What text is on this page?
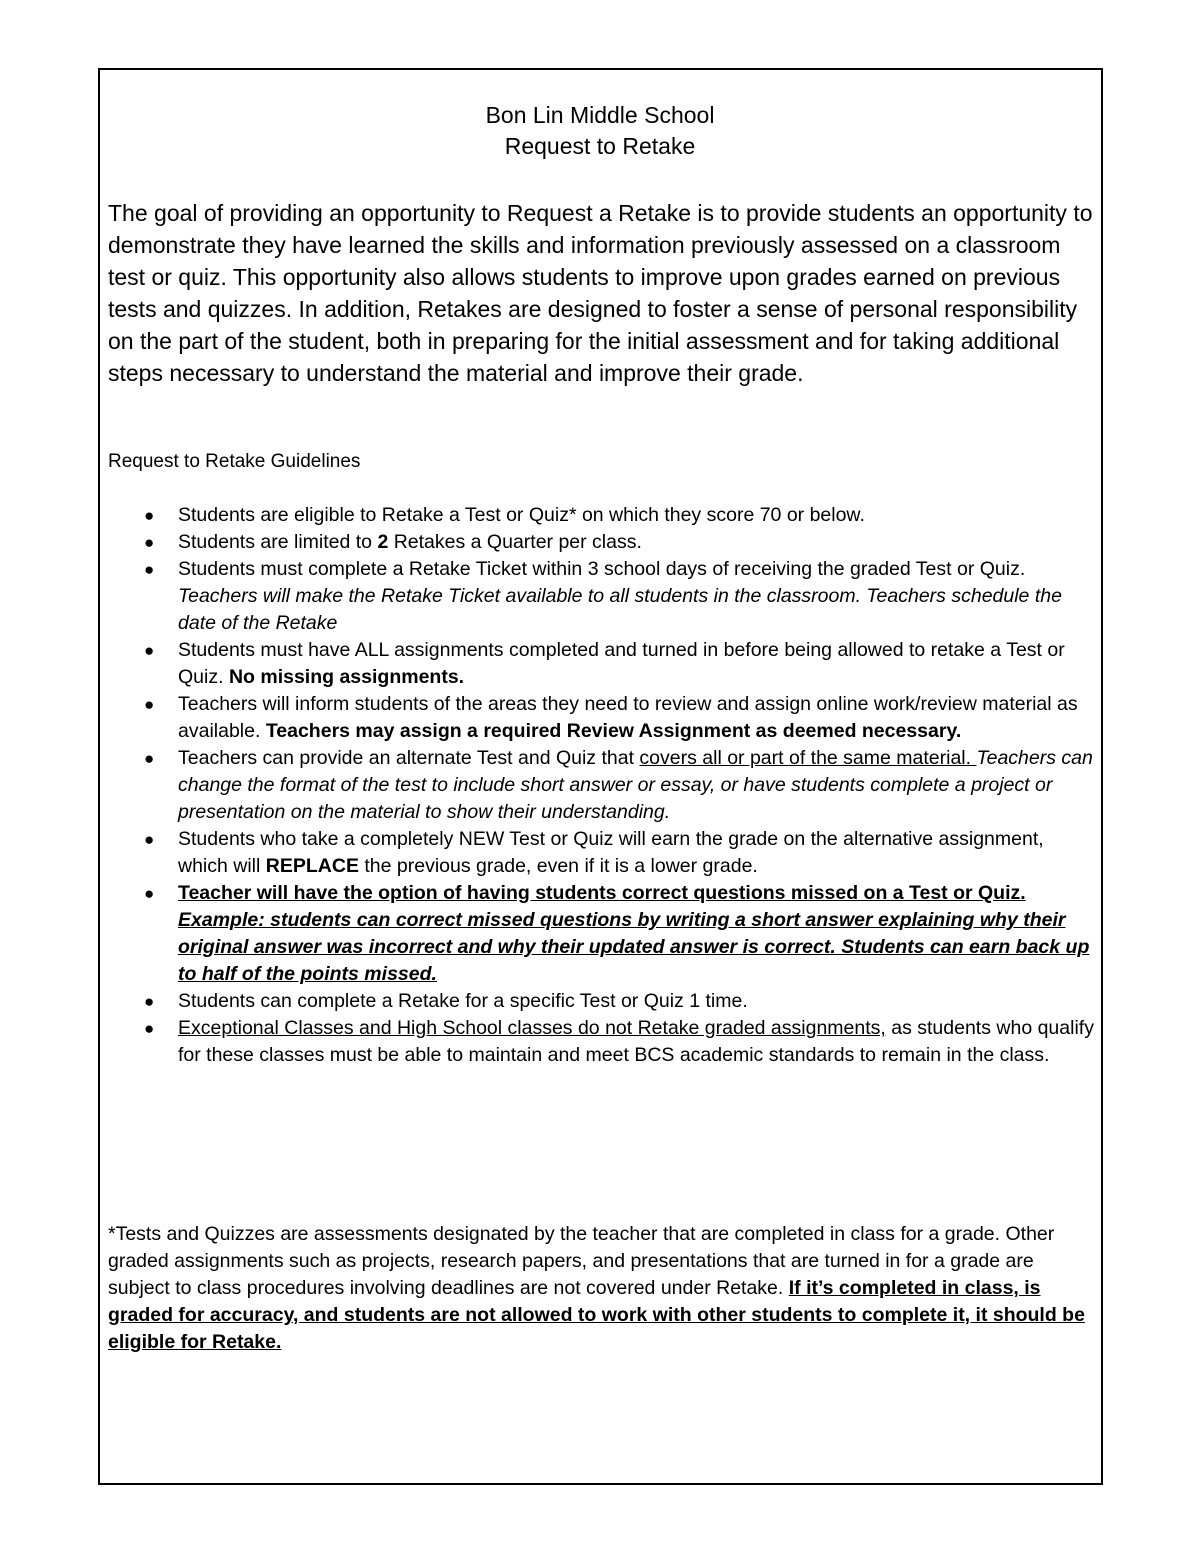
Bon Lin Middle School
Request to Retake

The goal of providing an opportunity to Request a Retake is to provide students an opportunity to demonstrate they have learned the skills and information previously assessed on a classroom test or quiz. This opportunity also allows students to improve upon grades earned on previous tests and quizzes. In addition, Retakes are designed to foster a sense of personal responsibility on the part of the student, both in preparing for the initial assessment and for taking additional steps necessary to understand the material and improve their grade.

Request to Retake Guidelines
● Students are eligible to Retake a Test or Quiz* on which they score 70 or below.
● Students are limited to 2 Retakes a Quarter per class.
● Students must complete a Retake Ticket within 3 school days of receiving the graded Test or Quiz. Teachers will make the Retake Ticket available to all students in the classroom. Teachers schedule the date of the Retake
● Students must have ALL assignments completed and turned in before being allowed to retake a Test or Quiz. No missing assignments.
● Teachers will inform students of the areas they need to review and assign online work/review material as available. Teachers may assign a required Review Assignment as deemed necessary.
● Teachers can provide an alternate Test and Quiz that covers all or part of the same material. Teachers can change the format of the test to include short answer or essay, or have students complete a project or presentation on the material to show their understanding.
● Students who take a completely NEW Test or Quiz will earn the grade on the alternative assignment, which will REPLACE the previous grade, even if it is a lower grade.
● Teacher will have the option of having students correct questions missed on a Test or Quiz. Example: students can correct missed questions by writing a short answer explaining why their original answer was incorrect and why their updated answer is correct. Students can earn back up to half of the points missed.
● Students can complete a Retake for a specific Test or Quiz 1 time.
● Exceptional Classes and High School classes do not Retake graded assignments, as students who qualify for these classes must be able to maintain and meet BCS academic standards to remain in the class.

*Tests and Quizzes are assessments designated by the teacher that are completed in class for a grade. Other graded assignments such as projects, research papers, and presentations that are turned in for a grade are subject to class procedures involving deadlines are not covered under Retake. If it’s completed in class, is graded for accuracy, and students are not allowed to work with other students to complete it, it should be eligible for Retake.
